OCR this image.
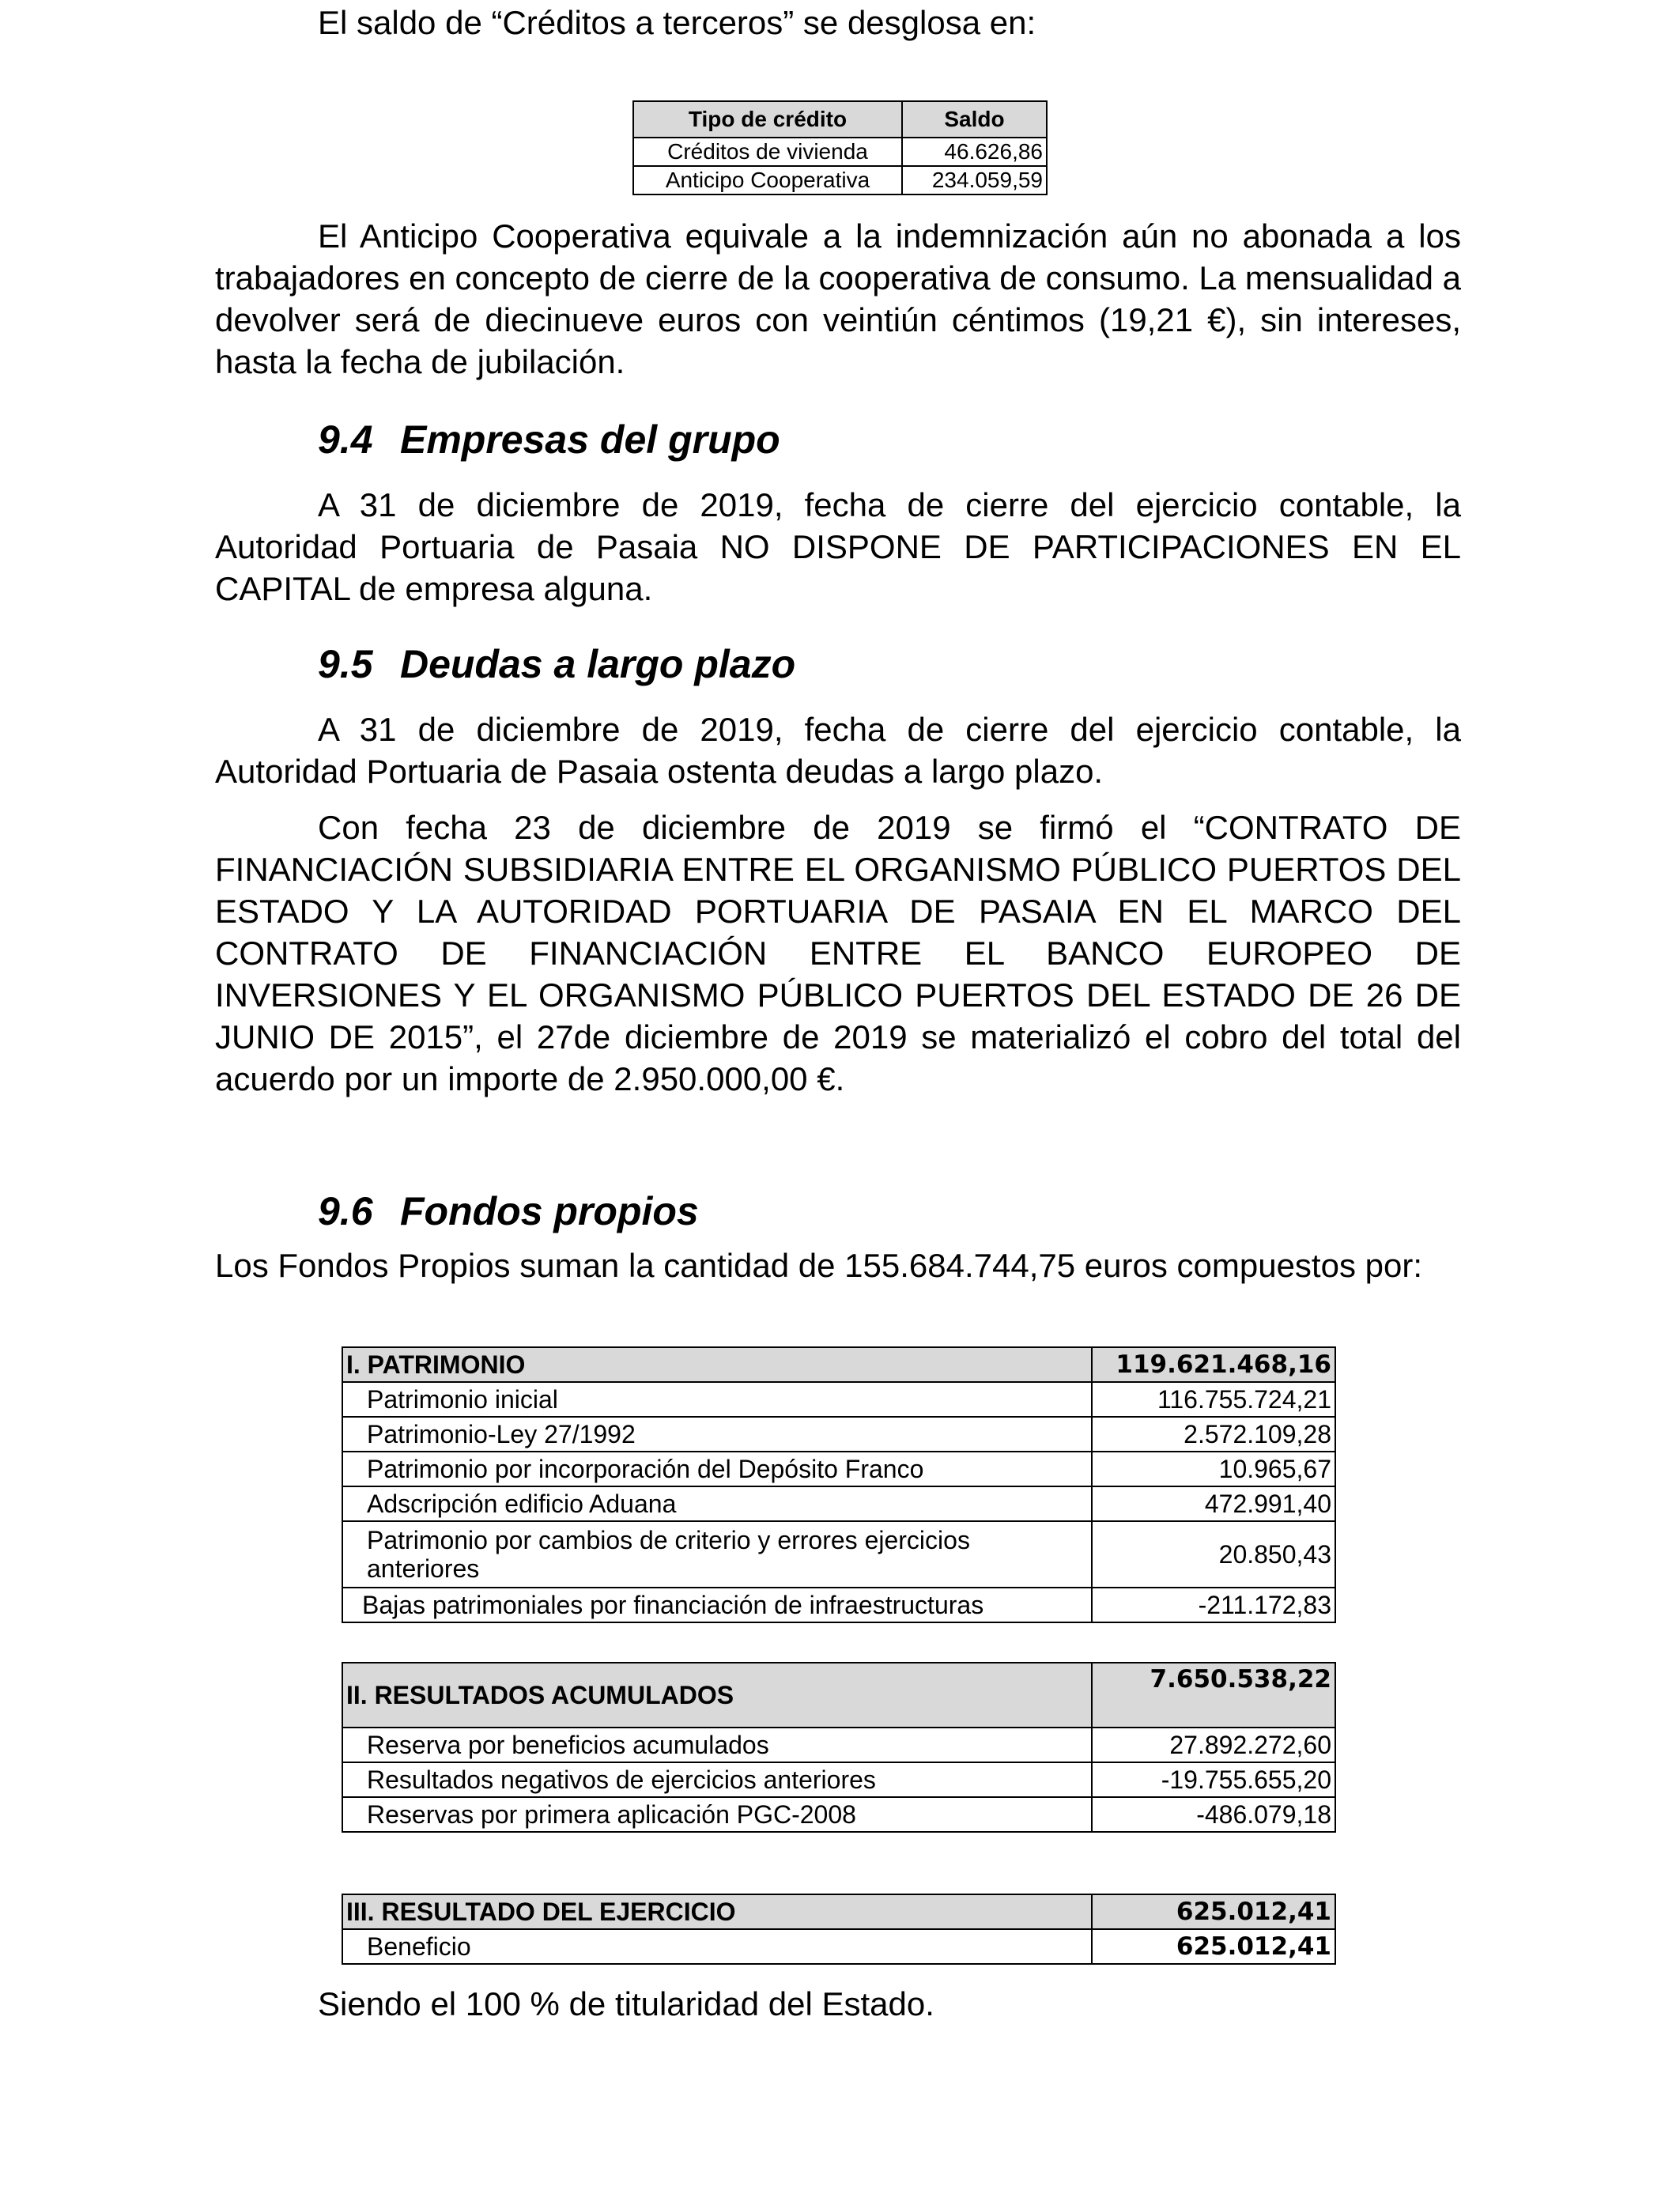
El saldo de “Créditos a terceros” se desglosa en:

Tipo de crédito	Saldo
Créditos de vivienda	46.626,86
Anticipo Cooperativa	234.059,59

El Anticipo Cooperativa equivale a la indemnización aún no abonada a los trabajadores en concepto de cierre de la cooperativa de consumo. La mensualidad a devolver será de diecinueve euros con veintiún céntimos (19,21 €), sin intereses, hasta la fecha de jubilación.

9.4 Empresas del grupo

A 31 de diciembre de 2019, fecha de cierre del ejercicio contable, la Autoridad Portuaria de Pasaia NO DISPONE DE PARTICIPACIONES EN EL CAPITAL de empresa alguna.

9.5 Deudas a largo plazo

A 31 de diciembre de 2019, fecha de cierre del ejercicio contable, la Autoridad Portuaria de Pasaia ostenta deudas a largo plazo.

Con fecha 23 de diciembre de 2019 se firmó el “CONTRATO DE FINANCIACIÓN SUBSIDIARIA ENTRE EL ORGANISMO PÚBLICO PUERTOS DEL ESTADO Y LA AUTORIDAD PORTUARIA DE PASAIA EN EL MARCO DEL CONTRATO DE FINANCIACIÓN ENTRE EL BANCO EUROPEO DE INVERSIONES Y EL ORGANISMO PÚBLICO PUERTOS DEL ESTADO DE 26 DE JUNIO DE 2015”, el 27de diciembre de 2019 se materializó el cobro del total del acuerdo por un importe de 2.950.000,00 €.

9.6 Fondos propios

Los Fondos Propios suman la cantidad de 155.684.744,75 euros compuestos por:

I. PATRIMONIO	119.621.468,16
Patrimonio inicial	116.755.724,21
Patrimonio-Ley 27/1992	2.572.109,28
Patrimonio por incorporación del Depósito Franco	10.965,67
Adscripción edificio Aduana	472.991,40
Patrimonio por cambios de criterio y errores ejercicios anteriores	20.850,43
Bajas patrimoniales por financiación de infraestructuras	-211.172,83
II. RESULTADOS ACUMULADOS	7.650.538,22
Reserva por beneficios acumulados	27.892.272,60
Resultados negativos de ejercicios anteriores	-19.755.655,20
Reservas por primera aplicación PGC-2008	-486.079,18
III. RESULTADO DEL EJERCICIO	625.012,41
Beneficio	625.012,41

Siendo el 100 % de titularidad del Estado.
